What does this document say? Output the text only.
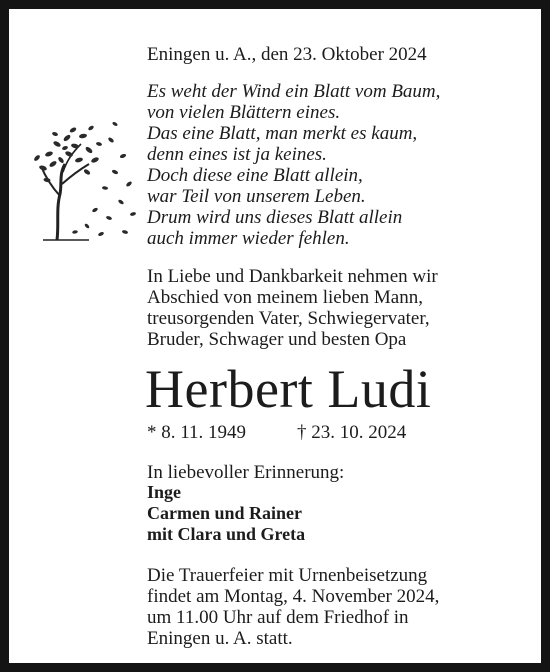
Eningen u. A., den 23. Oktober 2024
Es weht der Wind ein Blatt vom Baum,
von vielen Blättern eines.
Das eine Blatt, man merkt es kaum,
denn eines ist ja keines.
Doch diese eine Blatt allein,
war Teil von unserem Leben.
Drum wird uns dieses Blatt allein
auch immer wieder fehlen.
In Liebe und Dankbarkeit nehmen wir
Abschied von meinem lieben Mann,
treusorgenden Vater, Schwiegervater,
Bruder, Schwager und besten Opa
Herbert Ludi
* 8. 11. 1949	† 23. 10. 2024
In liebevoller Erinnerung:
Inge
Carmen und Rainer
mit Clara und Greta
Die Trauerfeier mit Urnenbeisetzung
findet am Montag, 4. November 2024,
um 11.00 Uhr auf dem Friedhof in
Eningen u. A. statt.
